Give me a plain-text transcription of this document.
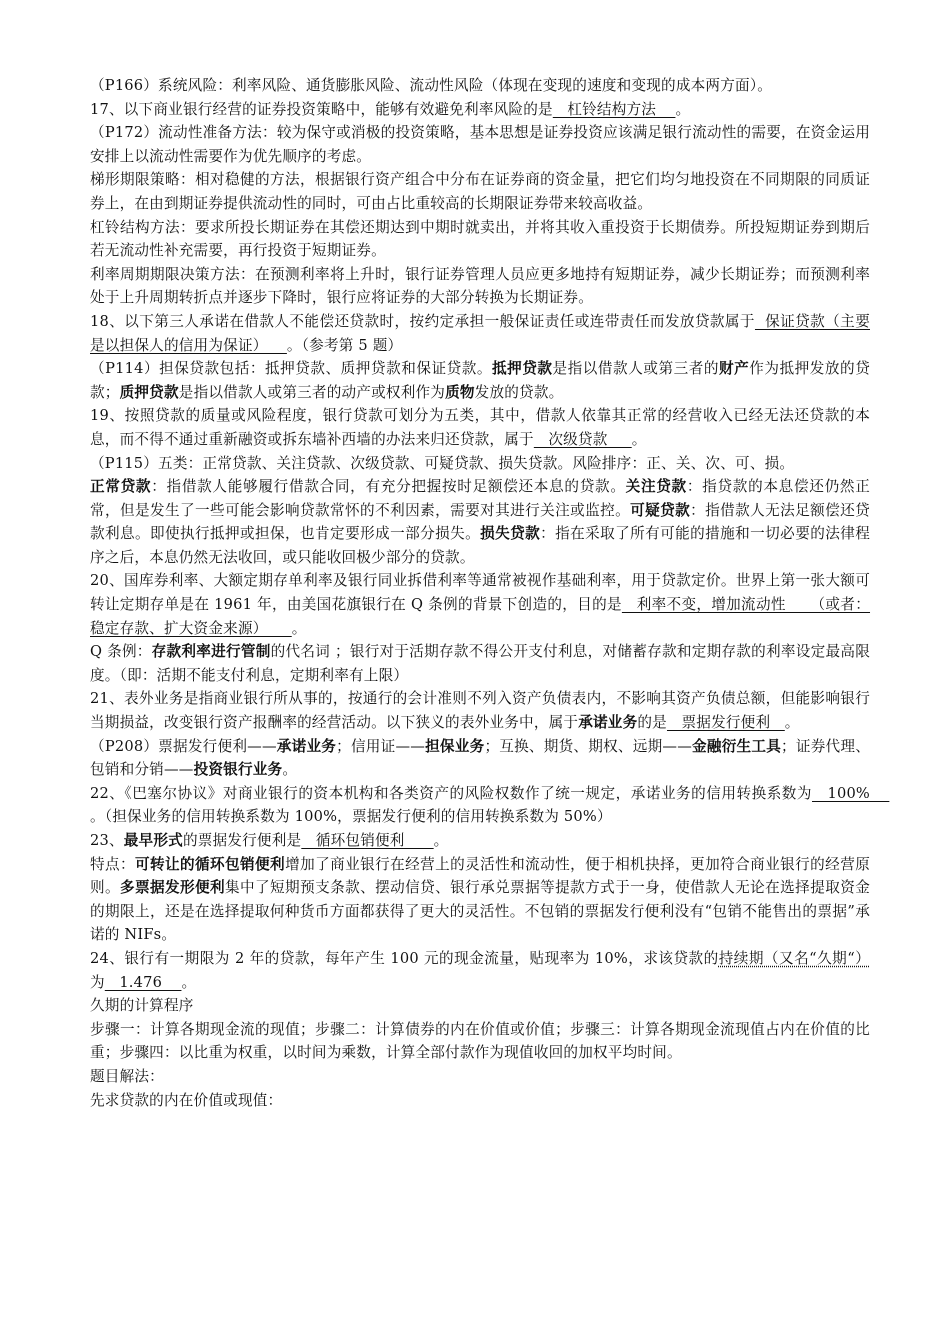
（P166）系统风险：利率风险、通货膨胀风险、流动性风险（体现在变现的速度和变现的成本两方面）。

17、以下商业银行经营的证券投资策略中，能够有效避免利率风险的是   杠铃结构方法    。

（P172）流动性准备方法：较为保守或消极的投资策略，基本思想是证券投资应该满足银行流动性的需要，在资金运用安排上以流动性需要作为优先顺序的考虑。

梯形期限策略：相对稳健的方法，根据银行资产组合中分布在证券商的资金量，把它们均匀地投资在不同期限的同质证券上，在由到期证券提供流动性的同时，可由占比重较高的长期限证券带来较高收益。

杠铃结构方法：要求所投长期证券在其偿还期达到中期时就卖出，并将其收入重投资于长期债券。所投短期证券到期后若无流动性补充需要，再行投资于短期证券。

利率周期期限决策方法：在预测利率将上升时，银行证券管理人员应更多地持有短期证券，减少长期证券；而预测利率处于上升周期转折点并逐步下降时，银行应将证券的大部分转换为长期证券。

18、以下第三人承诺在借款人不能偿还贷款时，按约定承担一般保证责任或连带责任而发放贷款属于  保证贷款（主要是以担保人的信用为保证）    。（参考第 5 题）

（P114）担保贷款包括：抵押贷款、质押贷款和保证贷款。抵押贷款是指以借款人或第三者的财产作为抵押发放的贷款；质押贷款是指以借款人或第三者的动产或权利作为质物发放的贷款。

19、按照贷款的质量或风险程度，银行贷款可划分为五类，其中，借款人依靠其正常的经营收入已经无法还贷款的本息，而不得不通过重新融资或拆东墙补西墙的办法来归还贷款，属于   次级贷款     。

（P115）五类：正常贷款、关注贷款、次级贷款、可疑贷款、损失贷款。风险排序：正、关、次、可、损。

正常贷款：指借款人能够履行借款合同，有充分把握按时足额偿还本息的贷款。关注贷款：指贷款的本息偿还仍然正常，但是发生了一些可能会影响贷款常怀的不利因素，需要对其进行关注或监控。可疑贷款：指借款人无法足额偿还贷款利息。即使执行抵押或担保，也肯定要形成一部分损失。损失贷款：指在采取了所有可能的措施和一切必要的法律程序之后，本息仍然无法收回，或只能收回极少部分的贷款。

20、国库券利率、大额定期存单利率及银行同业拆借利率等通常被视作基础利率，用于贷款定价。世界上第一张大额可转让定期存单是在 1961 年，由美国花旗银行在 Q 条例的背景下创造的，目的是   利率不变，增加流动性     （或者：稳定存款、扩大资金来源）     。

Q 条例：存款利率进行管制的代名词 ；银行对于活期存款不得公开支付利息，对储蓄存款和定期存款的利率设定最高限度。（即：活期不能支付利息，定期利率有上限）

21、表外业务是指商业银行所从事的，按通行的会计准则不列入资产负债表内，不影响其资产负债总额，但能影响银行当期损益，改变银行资产报酬率的经营活动。以下狭义的表外业务中，属于承诺业务的是   票据发行便利   。

（P208）票据发行便利——承诺业务；信用证——担保业务；互换、期货、期权、远期——金融衍生工具；证券代理、包销和分销——投资银行业务。

22、《巴塞尔协议》对商业银行的资本机构和各类资产的风险权数作了统一规定，承诺业务的信用转换系数为   100%    。（担保业务的信用转换系数为 100%，票据发行便利的信用转换系数为 50%）

23、最早形式的票据发行便利是   循环包销便利      。

特点：可转让的循环包销便利增加了商业银行在经营上的灵活性和流动性，便于相机抉择，更加符合商业银行的经营原则。多票据发形便利集中了短期预支条款、摆动信贷、银行承兑票据等提款方式于一身，使借款人无论在选择提取资金的期限上，还是在选择提取何种货币方面都获得了更大的灵活性。不包销的票据发行便利没有“包销不能售出的票据”承诺的 NIFs。

24、银行有一期限为 2 年的贷款，每年产生 100 元的现金流量，贴现率为 10%，求该贷款的持续期（又名“久期“）为   1.476    。

久期的计算程序

步骤一：计算各期现金流的现值；步骤二：计算债券的内在价值或价值；步骤三：计算各期现金流现值占内在价值的比重；步骤四：以比重为权重，以时间为乘数，计算全部付款作为现值收回的加权平均时间。

题目解法：

先求贷款的内在价值或现值：
